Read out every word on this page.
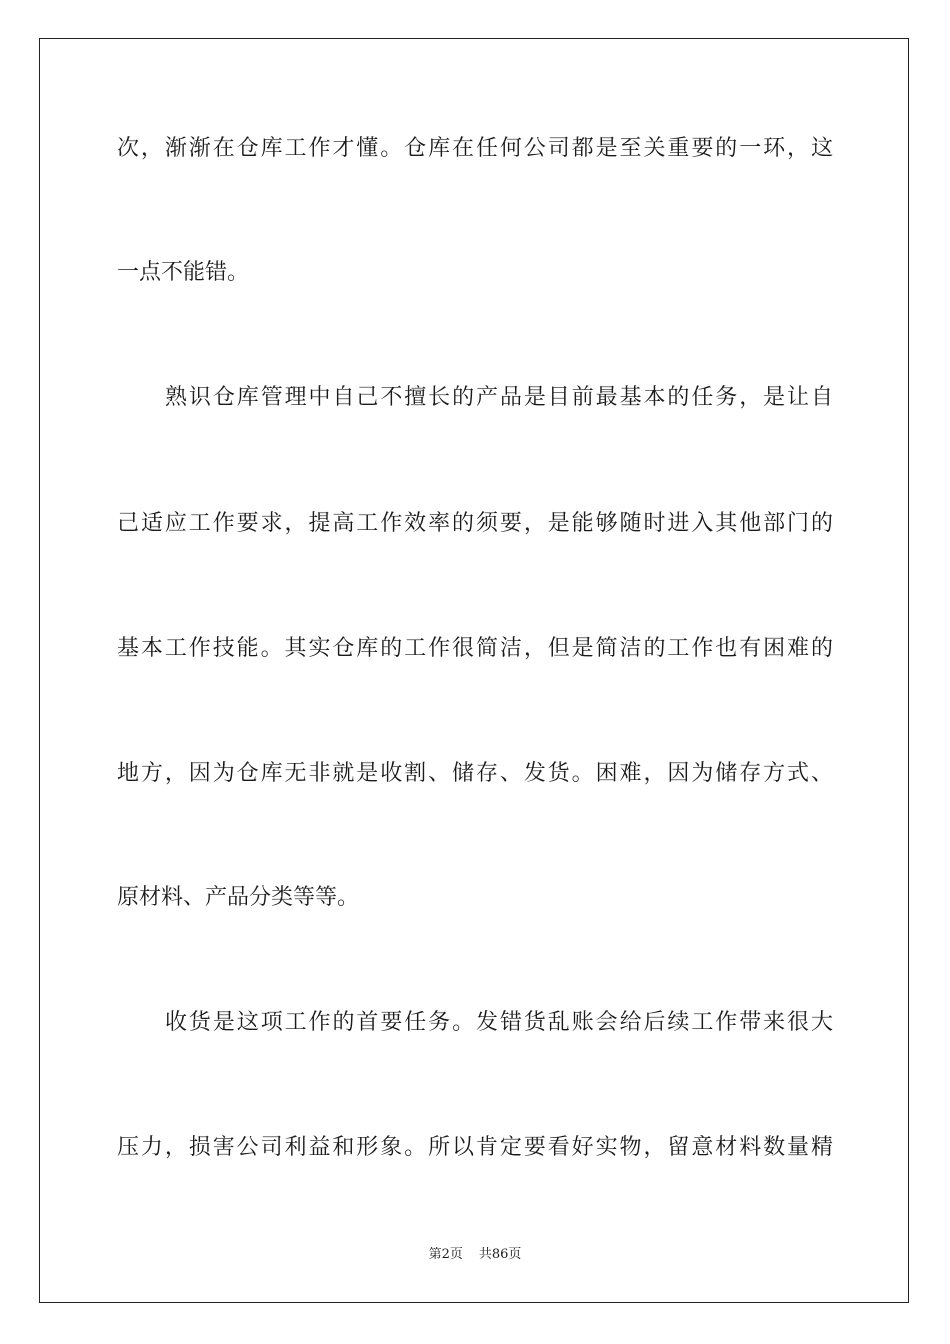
次，渐渐在仓库工作才懂。仓库在任何公司都是至关重要的一环，这
一点不能错。
熟识仓库管理中自己不擅长的产品是目前最基本的任务，是让自
己适应工作要求，提高工作效率的须要，是能够随时进入其他部门的
基本工作技能。其实仓库的工作很简洁，但是简洁的工作也有困难的
地方，因为仓库无非就是收割、储存、发货。困难，因为储存方式、
原材料、产品分类等等。
收货是这项工作的首要任务。发错货乱账会给后续工作带来很大
压力，损害公司利益和形象。所以肯定要看好实物，留意材料数量精
第2页 共86页
